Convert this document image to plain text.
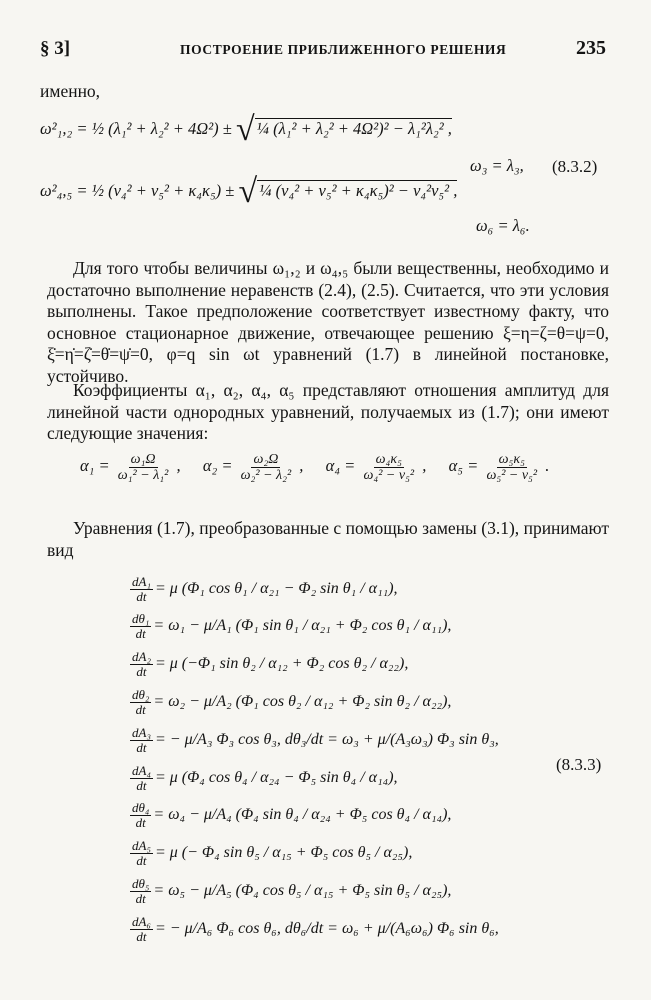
§ 3]	ПОСТРОЕНИЕ ПРИБЛИЖЕННОГО РЕШЕНИЯ	235
именно,
ω²₁,₂ = ½ (λ₁² + λ₂² + 4Ω²) ± √ ¼ (λ₁² + λ₂² + 4Ω²)² − λ₁²λ₂² ,
ω₃ = λ₃, (8.3.2)
ω²₄,₅ = ½ (ν₄² + ν₅² + κ₄κ₅) ± √ ¼ (ν₄² + ν₅² + κ₄κ₅)² − ν₄²ν₅² ,
ω₆ = λ₆.
Для того чтобы величины ω₁,₂ и ω₄,₅ были вещественны, необходимо и достаточно выполнение неравенств (2.4), (2.5). Считается, что эти условия выполнены. Такое предположение соответствует известному факту, что основное стационарное движение, отвечающее решению ξ=η=ζ=θ=ψ=0, ξ̇=η̇=ζ̇=θ̇=ψ̇=0, φ=q sin ωt уравнений (1.7) в линейной постановке, устойчиво.
Коэффициенты α₁, α₂, α₄, α₅ представляют отношения амплитуд для линейной части однородных уравнений, получаемых из (1.7); они имеют следующие значения:
$\alpha_1 = \frac{\text{ω₁Ω}}{\text{ω₁² − λ₁²}}$ , $\alpha_2 = \frac{\text{ω₂Ω}}{\text{ω₂² − λ₂²}}$ , $\alpha_4 = \frac{\text{ω₄κ₅}}{\text{ω₄² − ν₅²}}$ , $\alpha_5 = \frac{\text{ω₅κ₅}}{\text{ω₅² − ν₅²}}$ .
Уравнения (1.7), преобразованные с помощью замены (3.1), принимают вид
$\frac{\text{dA₁}}{dt} = \mu$ (Φ₁ cos θ₁ / α₂₁ − Φ₂ sin θ₁ / α₁₁),
$\frac{\text{dθ₁}}{dt} = \omega_1 - \mu/A_1$ (Φ₁ sin θ₁ / α₂₁ + Φ₂ cos θ₁ / α₁₁),
$\frac{\text{dA₂}}{dt} = \mu$ (−Φ₁ sin θ₂ / α₁₂ + Φ₂ cos θ₂ / α₂₂),
$\frac{\text{dθ₂}}{dt} = \omega_2 - \mu/A_2$ (Φ₁ cos θ₂ / α₁₂ + Φ₂ sin θ₂ / α₂₂),
$\frac{\text{dA₃}}{dt}$ = − μ/A₃ Φ₃ cos θ₃, dθ₃/dt = ω₃ + μ/(A₃ω₃) Φ₃ sin θ₃,
$\frac{\text{dA₄}}{dt} = \mu$ (Φ₄ cos θ₄ / α₂₄ − Φ₅ sin θ₄ / α₁₄),
$\frac{\text{dθ₄}}{dt} = \omega_4 - \mu/A_4$ (Φ₄ sin θ₄ / α₂₄ + Φ₅ cos θ₄ / α₁₄),
$\frac{\text{dA₅}}{dt} = \mu$ (− Φ₄ sin θ₅ / α₁₅ + Φ₅ cos θ₅ / α₂₅),
$\frac{\text{dθ₅}}{dt} = \omega_5 - \mu/A_5$ (Φ₄ cos θ₅ / α₁₅ + Φ₅ sin θ₅ / α₂₅),
$\frac{\text{dA₆}}{dt}$ = − μ/A₆ Φ₆ cos θ₆, dθ₆/dt = ω₆ + μ/(A₆ω₆) Φ₆ sin θ₆,
(8.3.3)
